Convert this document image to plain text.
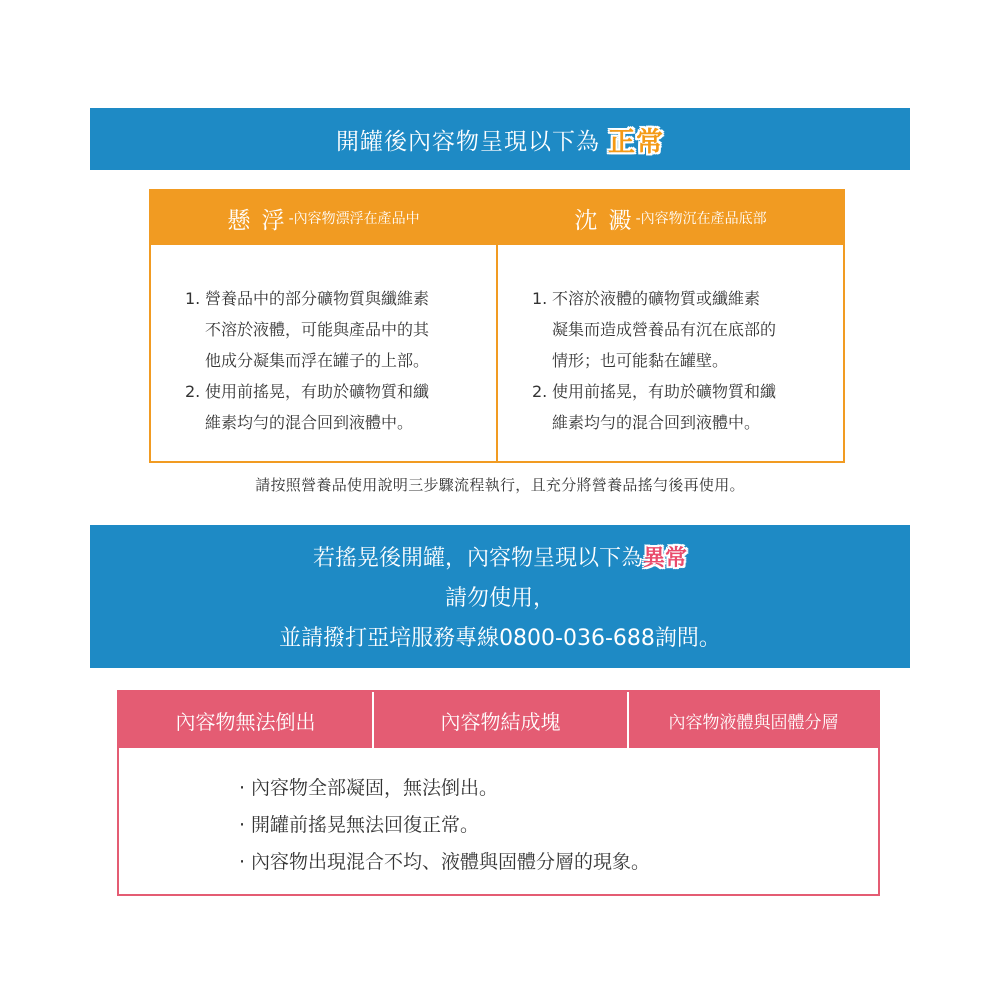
開罐後內容物呈現以下為 正常
懸 浮 -內容物漂浮在產品中
1. 營養品中的部分礦物質與纖維素
不溶於液體，可能與產品中的其
他成分凝集而浮在罐子的上部。
2. 使用前搖晃，有助於礦物質和纖
維素均勻的混合回到液體中。
沈 澱 -內容物沉在產品底部
1. 不溶於液體的礦物質或纖維素
凝集而造成營養品有沉在底部的
情形；也可能黏在罐壁。
2. 使用前搖晃，有助於礦物質和纖
維素均勻的混合回到液體中。
請按照營養品使用說明三步驟流程執行，且充分將營養品搖勻後再使用。
若搖晃後開罐，內容物呈現以下為異常
請勿使用，
並請撥打亞培服務專線0800-036-688詢問。
內容物無法倒出	內容物結成塊	內容物液體與固體分層
‧ 內容物全部凝固，無法倒出。
‧ 開罐前搖晃無法回復正常。
‧ 內容物出現混合不均、液體與固體分層的現象。
